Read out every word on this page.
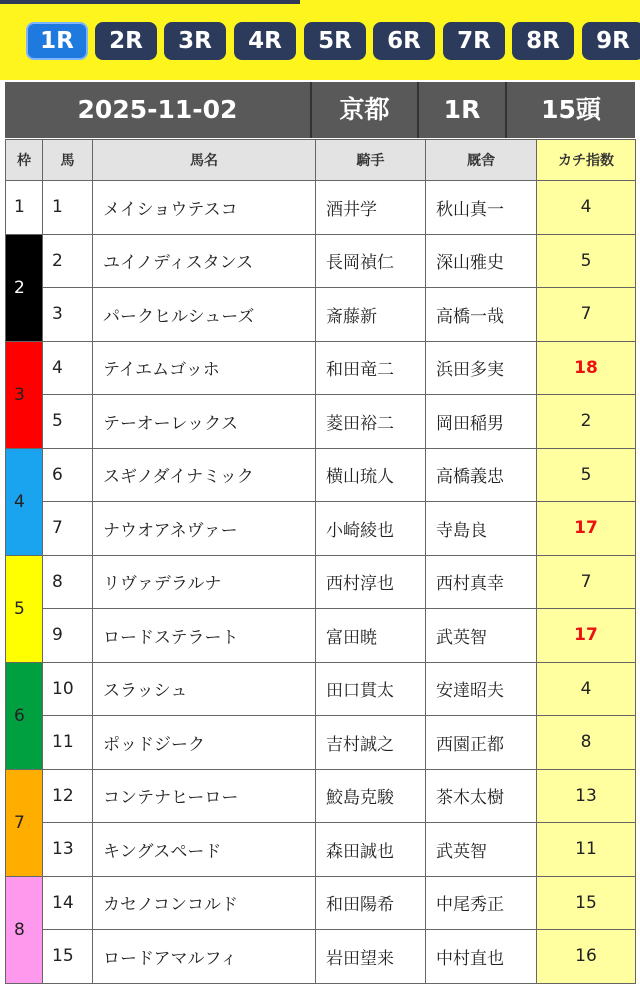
1R	2R	3R	4R	5R	6R	7R	8R	9R
2025-11-02	京都	1R	15頭
枠	馬	馬名	騎手	厩舎	カチ指数
1	1	メイショウテスコ	酒井学	秋山真一	4
2	2	ユイノディスタンス	長岡禎仁	深山雅史	5
	3	パークヒルシューズ	斎藤新	高橋一哉	7
3	4	テイエムゴッホ	和田竜二	浜田多実	18
	5	テーオーレックス	菱田裕二	岡田稲男	2
4	6	スギノダイナミック	横山琉人	高橋義忠	5
	7	ナウオアネヴァー	小崎綾也	寺島良	17
5	8	リヴァデラルナ	西村淳也	西村真幸	7
	9	ロードステラート	富田暁	武英智	17
6	10	スラッシュ	田口貫太	安達昭夫	4
	11	ポッドジーク	吉村誠之	西園正都	8
7	12	コンテナヒーロー	鮫島克駿	茶木太樹	13
	13	キングスペード	森田誠也	武英智	11
8	14	カセノコンコルド	和田陽希	中尾秀正	15
	15	ロードアマルフィ	岩田望来	中村直也	16
